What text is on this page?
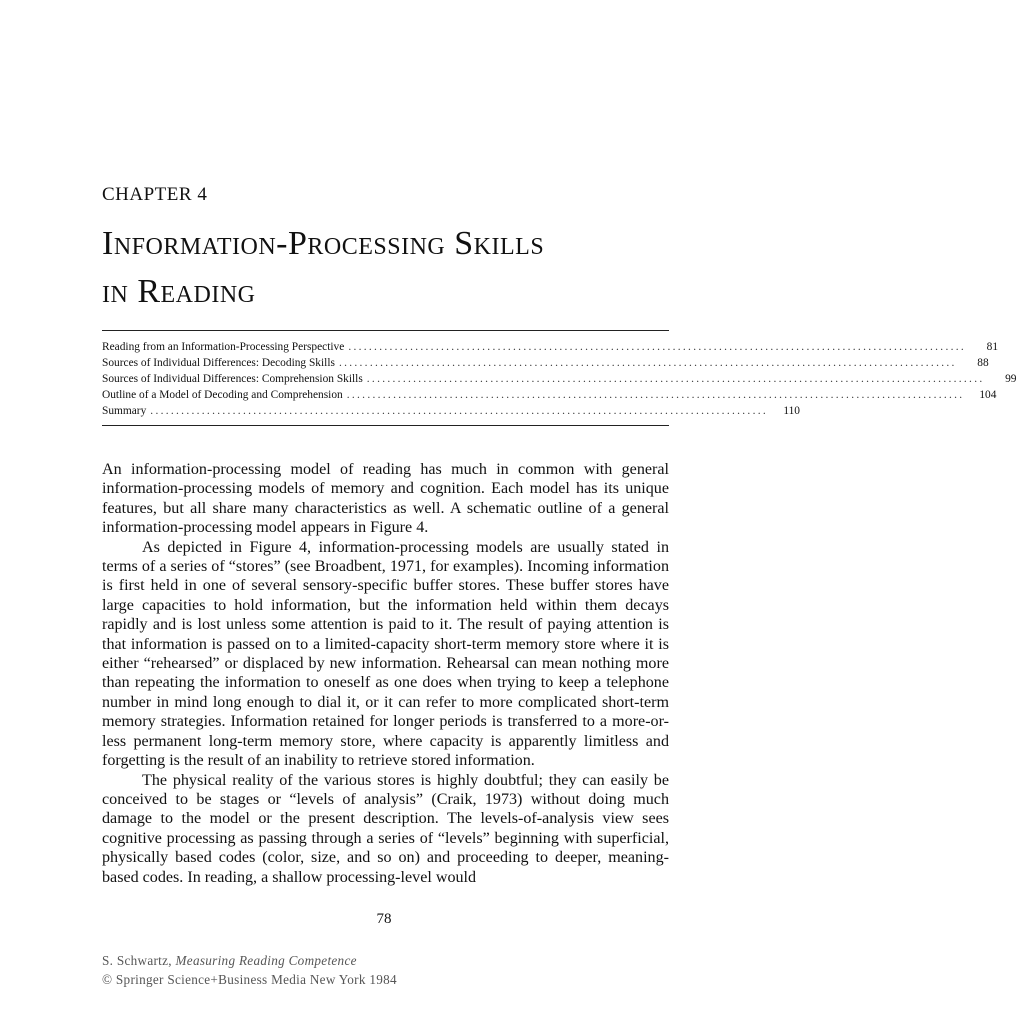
CHAPTER 4
Information-Processing Skills
in Reading
Reading from an Information-Processing Perspective ........................................................................................................................	81
Sources of Individual Differences: Decoding Skills ........................................................................................................................	88
Sources of Individual Differences: Comprehension Skills ........................................................................................................................	99
Outline of a Model of Decoding and Comprehension ........................................................................................................................	104
Summary ........................................................................................................................	110

An information-processing model of reading has much in common with general information-processing models of memory and cognition. Each model has its unique features, but all share many characteristics as well. A schematic outline of a general information-processing model appears in Figure 4.

As depicted in Figure 4, information-processing models are usually stated in terms of a series of “stores” (see Broadbent, 1971, for examples). Incoming information is first held in one of several sensory-specific buffer stores. These buffer stores have large capacities to hold information, but the information held within them decays rapidly and is lost unless some attention is paid to it. The result of paying attention is that information is passed on to a limited-capacity short-term memory store where it is either “rehearsed” or displaced by new information. Rehearsal can mean nothing more than repeating the information to oneself as one does when trying to keep a telephone number in mind long enough to dial it, or it can refer to more complicated short-term memory strategies. Information retained for longer periods is transferred to a more-or-less permanent long-term memory store, where capacity is apparently limitless and forgetting is the result of an inability to retrieve stored information.

The physical reality of the various stores is highly doubtful; they can easily be conceived to be stages or “levels of analysis” (Craik, 1973) without doing much damage to the model or the present description. The levels-of-analysis view sees cognitive processing as passing through a series of “levels” beginning with superficial, physically based codes (color, size, and so on) and proceeding to deeper, meaning-based codes. In reading, a shallow processing-level would

78
S. Schwartz, Measuring Reading Competence
© Springer Science+Business Media New York 1984
